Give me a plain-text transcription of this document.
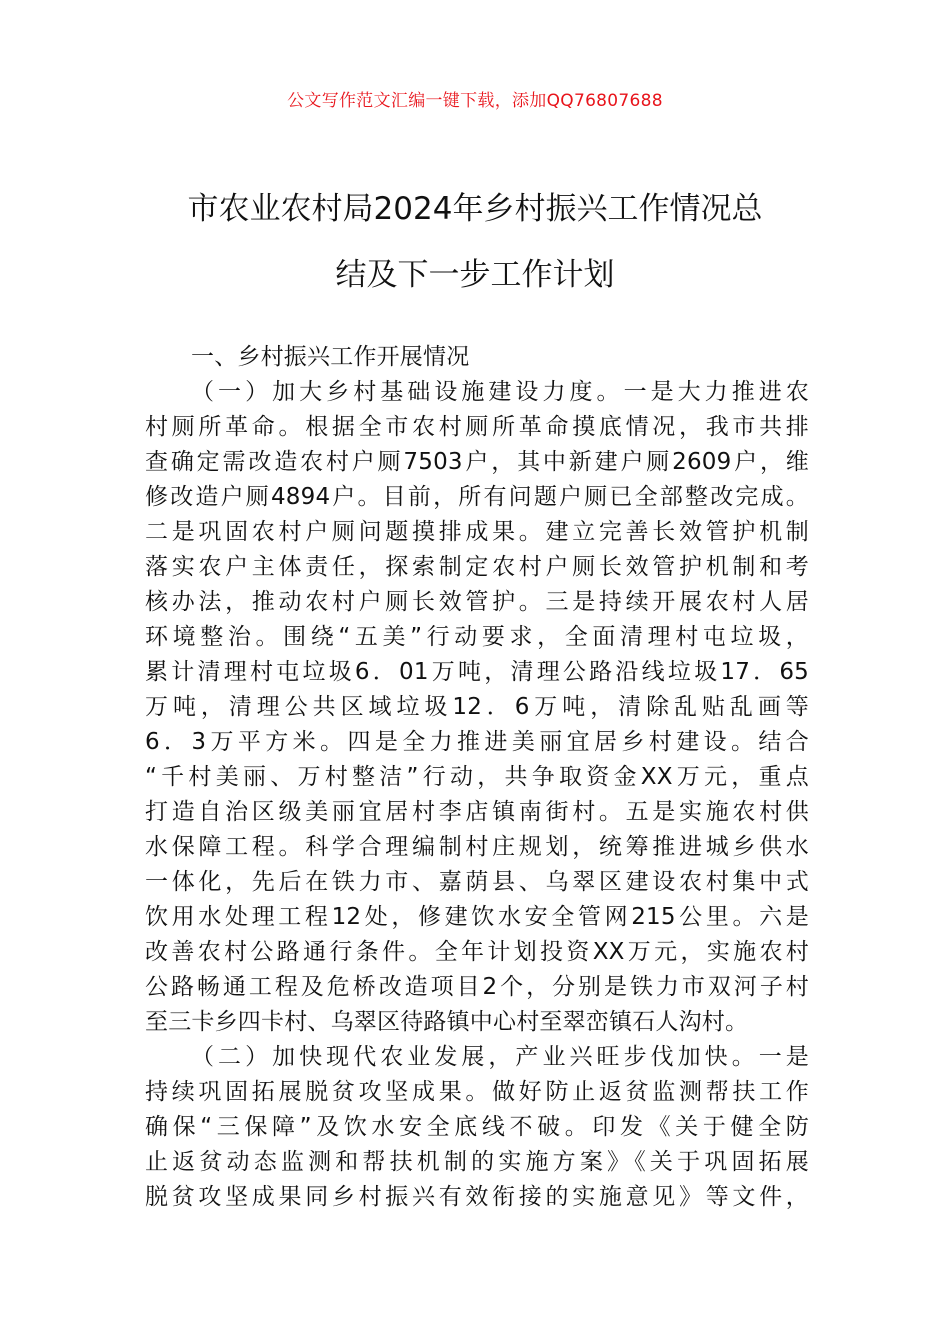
公文写作范文汇编一键下载，添加QQ76807688
市农业农村局2024年乡村振兴工作情况总
结及下一步工作计划
一、乡村振兴工作开展情况
（一）加大乡村基础设施建设力度。一是大力推进农
村厕所革命。根据全市农村厕所革命摸底情况，我市共排
查确定需改造农村户厕7503户，其中新建户厕2609户，维
修改造户厕4894户。目前，所有问题户厕已全部整改完成。
二是巩固农村户厕问题摸排成果。建立完善长效管护机制
落实农户主体责任，探索制定农村户厕长效管护机制和考
核办法，推动农村户厕长效管护。三是持续开展农村人居
环境整治。围绕“五美”行动要求，全面清理村屯垃圾，
累计清理村屯垃圾6．01万吨，清理公路沿线垃圾17．65
万吨，清理公共区域垃圾12．6万吨，清除乱贴乱画等
6．3万平方米。四是全力推进美丽宜居乡村建设。结合
“千村美丽、万村整洁”行动，共争取资金XX万元，重点
打造自治区级美丽宜居村李店镇南街村。五是实施农村供
水保障工程。科学合理编制村庄规划，统筹推进城乡供水
一体化，先后在铁力市、嘉荫县、乌翠区建设农村集中式
饮用水处理工程12处，修建饮水安全管网215公里。六是
改善农村公路通行条件。全年计划投资XX万元，实施农村
公路畅通工程及危桥改造项目2个，分别是铁力市双河子村
至三卡乡四卡村、乌翠区待路镇中心村至翠峦镇石人沟村。
（二）加快现代农业发展，产业兴旺步伐加快。一是
持续巩固拓展脱贫攻坚成果。做好防止返贫监测帮扶工作
确保“三保障”及饮水安全底线不破。印发《关于健全防
止返贫动态监测和帮扶机制的实施方案》《关于巩固拓展
脱贫攻坚成果同乡村振兴有效衔接的实施意见》等文件，
